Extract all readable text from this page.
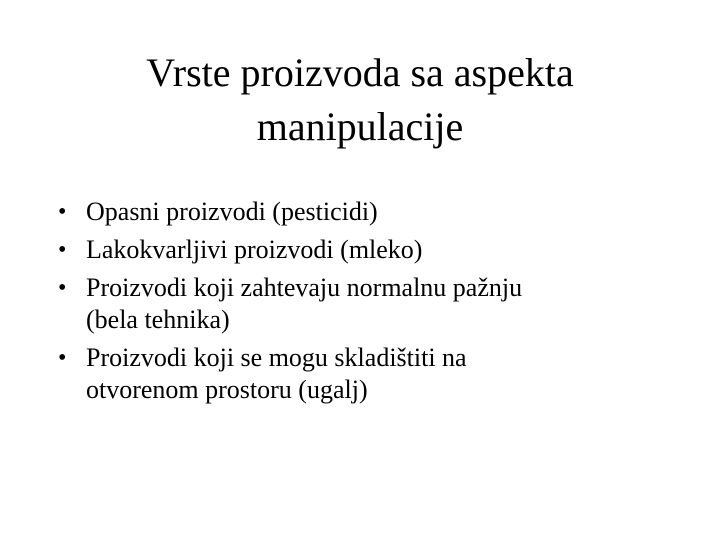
Vrste proizvoda sa aspekta
manipulacije
• Opasni proizvodi (pesticidi)
• Lakokvarljivi proizvodi (mleko)
• Proizvodi koji zahtevaju normalnu pažnju
(bela tehnika)
• Proizvodi koji se mogu skladištiti na
otvorenom prostoru (ugalj)
